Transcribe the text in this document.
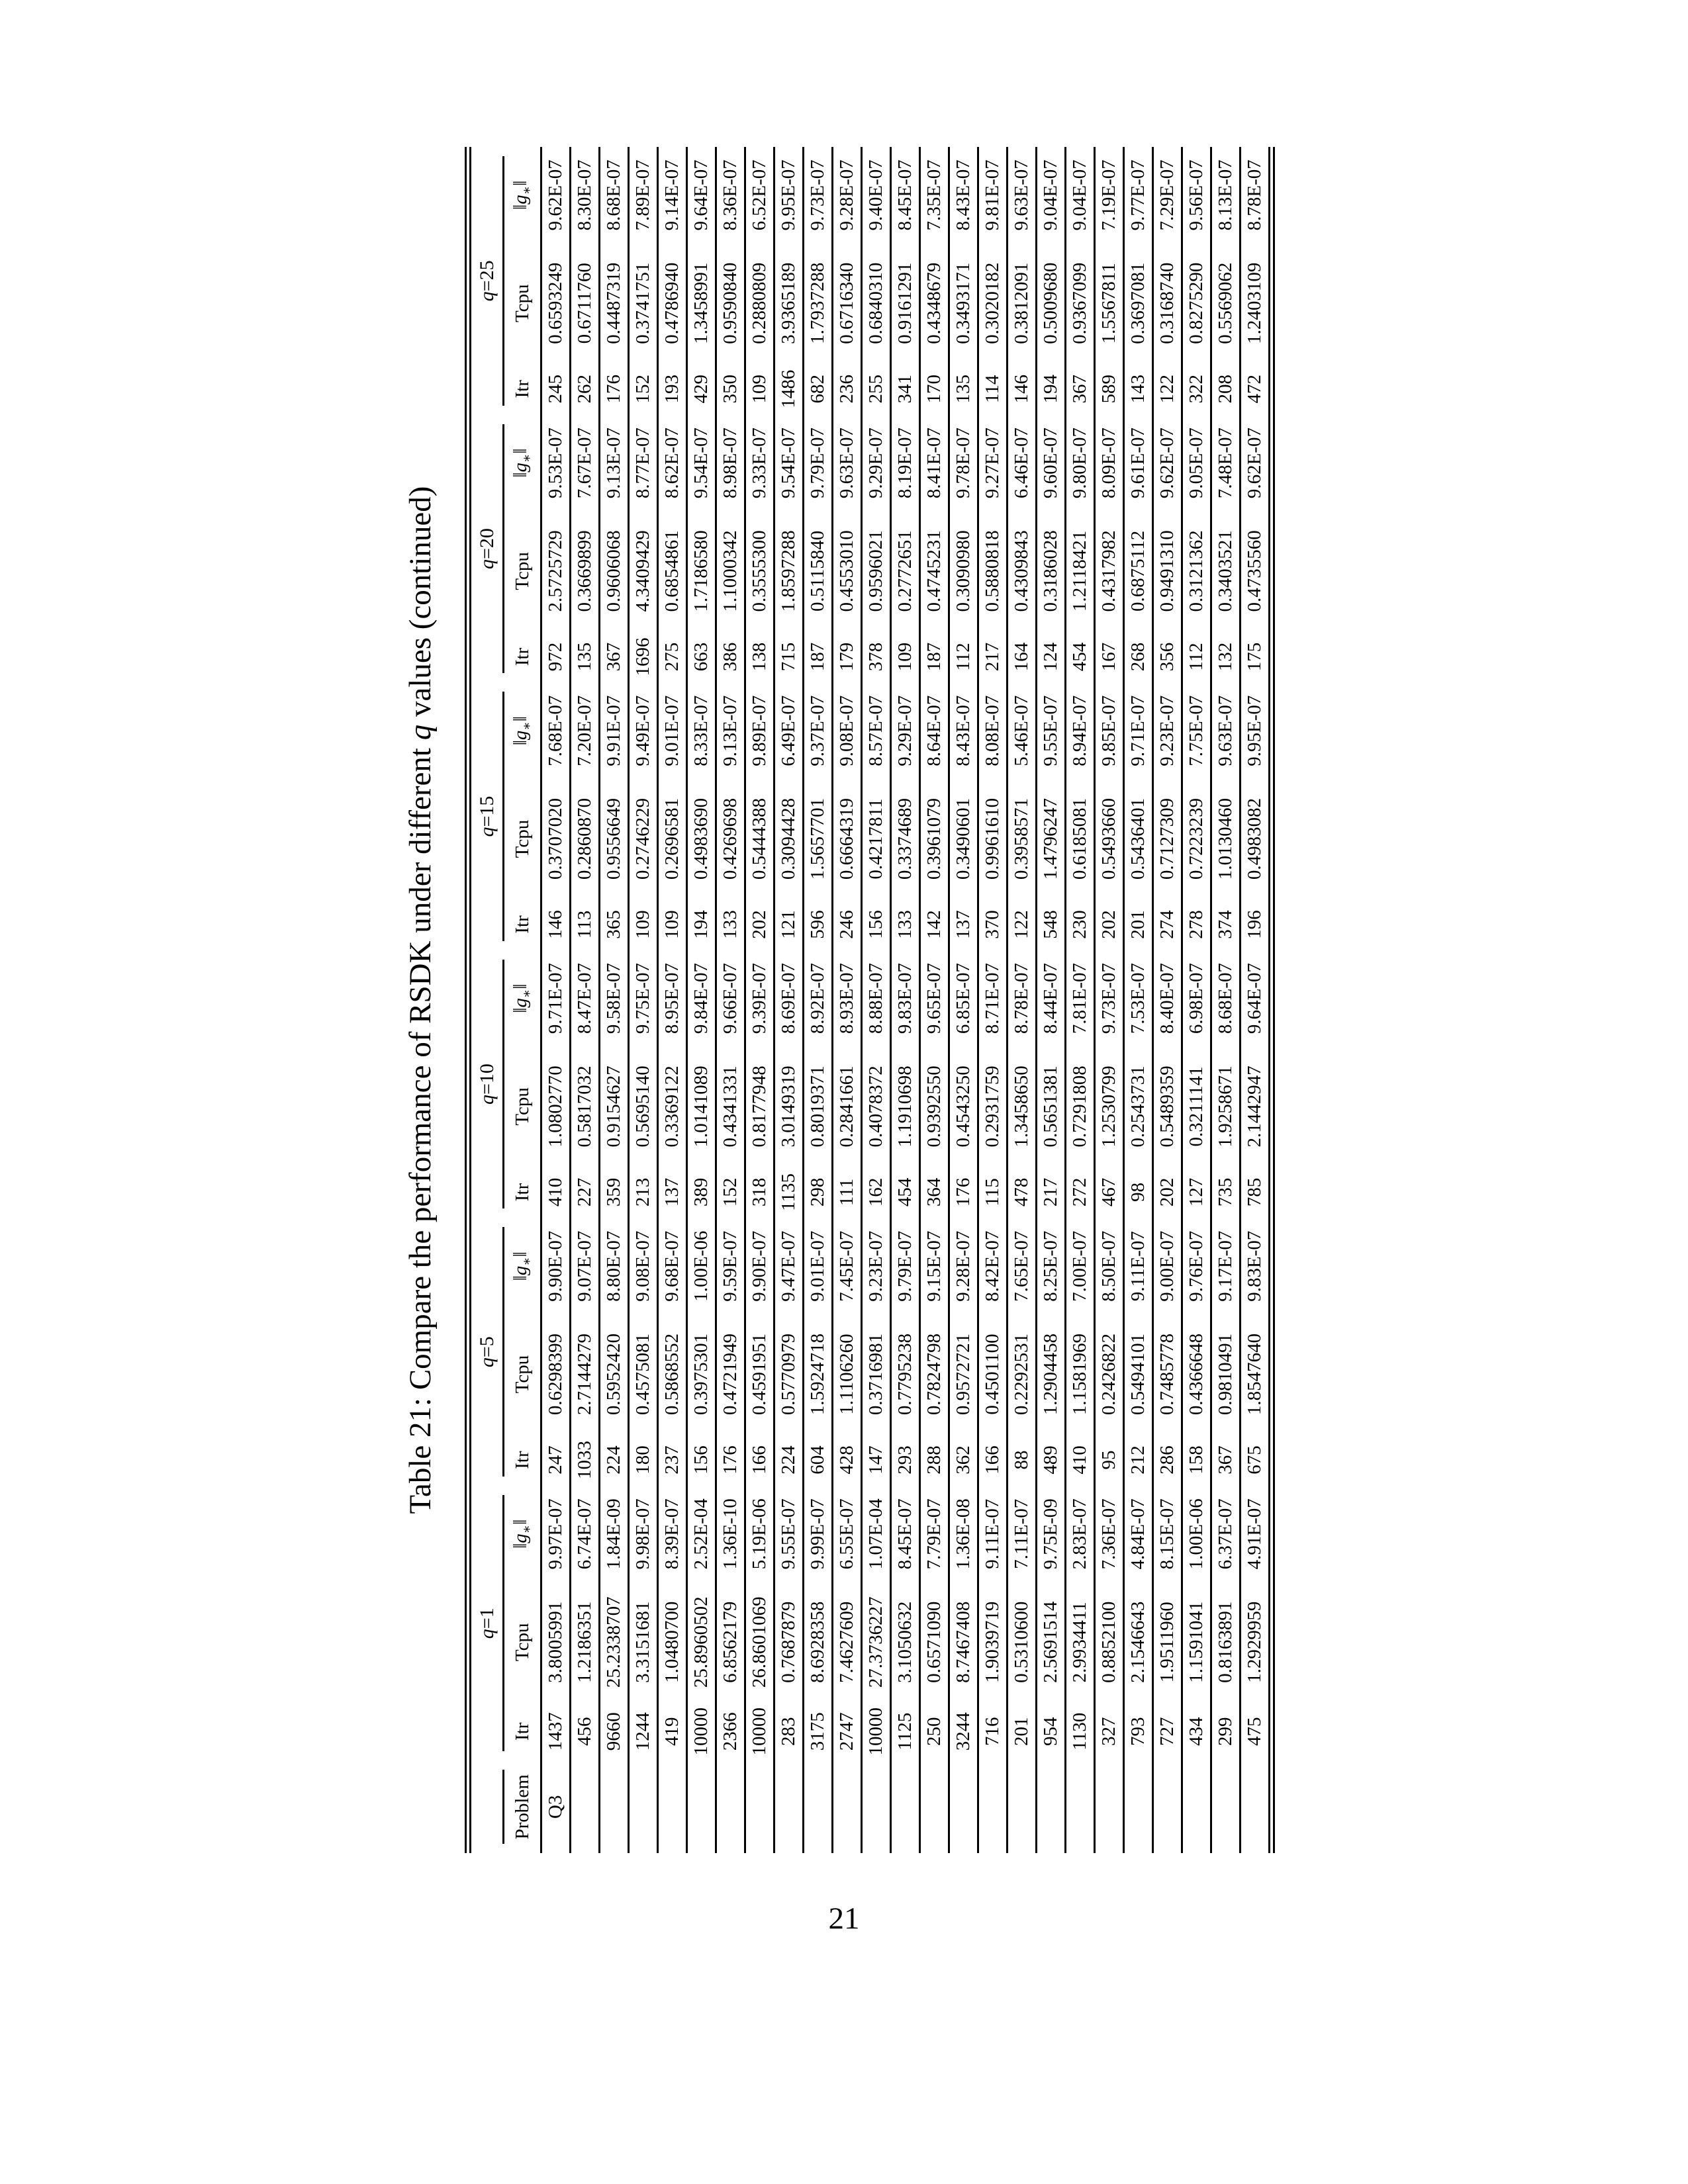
Table 21: Compare the performance of RSDK under different q values (continued)

	q=1			q=5			q=10			q=15			q=20			q=25		

Problem	Itr	Tcpu	$‖g_∗‖$	Itr	Tcpu	$‖g_∗‖$	Itr	Tcpu	$‖g_∗‖$	Itr	Tcpu	$‖g_∗‖$	Itr	Tcpu	$‖g_∗‖$	Itr	Tcpu	$‖g_∗‖$
Q3	1437	3.8005991	9.97E-07	247	0.6298399	9.90E-07	410	1.0802770	9.71E-07	146	0.3707020	7.68E-07	972	2.5725729	9.53E-07	245	0.6593249	9.62E-07
	456	1.2186351	6.74E-07	1033	2.7144279	9.07E-07	227	0.5817032	8.47E-07	113	0.2860870	7.20E-07	135	0.3669899	7.67E-07	262	0.6711760	8.30E-07
	9660	25.2338707	1.84E-09	224	0.5952420	8.80E-07	359	0.9154627	9.58E-07	365	0.9556649	9.91E-07	367	0.9606068	9.13E-07	176	0.4487319	8.68E-07
	1244	3.3151681	9.98E-07	180	0.4575081	9.08E-07	213	0.5695140	9.75E-07	109	0.2746229	9.49E-07	1696	4.3409429	8.77E-07	152	0.3741751	7.89E-07
	419	1.0480700	8.39E-07	237	0.5868552	9.68E-07	137	0.3369122	8.95E-07	109	0.2696581	9.01E-07	275	0.6854861	8.62E-07	193	0.4786940	9.14E-07
	10000	25.8960502	2.52E-04	156	0.3975301	1.00E-06	389	1.0141089	9.84E-07	194	0.4983690	8.33E-07	663	1.7186580	9.54E-07	429	1.3458991	9.64E-07
	2366	6.8562179	1.36E-10	176	0.4721949	9.59E-07	152	0.4341331	9.66E-07	133	0.4269698	9.13E-07	386	1.1000342	8.98E-07	350	0.9590840	8.36E-07
	10000	26.8601069	5.19E-06	166	0.4591951	9.90E-07	318	0.8177948	9.39E-07	202	0.5444388	9.89E-07	138	0.3555300	9.33E-07	109	0.2880809	6.52E-07
	283	0.7687879	9.55E-07	224	0.5770979	9.47E-07	1135	3.0149319	8.69E-07	121	0.3094428	6.49E-07	715	1.8597288	9.54E-07	1486	3.9365189	9.95E-07
	3175	8.6928358	9.99E-07	604	1.5924718	9.01E-07	298	0.8019371	8.92E-07	596	1.5657701	9.37E-07	187	0.5115840	9.79E-07	682	1.7937288	9.73E-07
	2747	7.4627609	6.55E-07	428	1.1106260	7.45E-07	111	0.2841661	8.93E-07	246	0.6664319	9.08E-07	179	0.4553010	9.63E-07	236	0.6716340	9.28E-07
	10000	27.3736227	1.07E-04	147	0.3716981	9.23E-07	162	0.4078372	8.88E-07	156	0.4217811	8.57E-07	378	0.9596021	9.29E-07	255	0.6840310	9.40E-07
	1125	3.1050632	8.45E-07	293	0.7795238	9.79E-07	454	1.1910698	9.83E-07	133	0.3374689	9.29E-07	109	0.2772651	8.19E-07	341	0.9161291	8.45E-07
	250	0.6571090	7.79E-07	288	0.7824798	9.15E-07	364	0.9392550	9.65E-07	142	0.3961079	8.64E-07	187	0.4745231	8.41E-07	170	0.4348679	7.35E-07
	3244	8.7467408	1.36E-08	362	0.9572721	9.28E-07	176	0.4543250	6.85E-07	137	0.3490601	8.43E-07	112	0.3090980	9.78E-07	135	0.3493171	8.43E-07
	716	1.9039719	9.11E-07	166	0.4501100	8.42E-07	115	0.2931759	8.71E-07	370	0.9961610	8.08E-07	217	0.5880818	9.27E-07	114	0.3020182	9.81E-07
	201	0.5310600	7.11E-07	88	0.2292531	7.65E-07	478	1.3458650	8.78E-07	122	0.3958571	5.46E-07	164	0.4309843	6.46E-07	146	0.3812091	9.63E-07
	954	2.5691514	9.75E-09	489	1.2904458	8.25E-07	217	0.5651381	8.44E-07	548	1.4796247	9.55E-07	124	0.3186028	9.60E-07	194	0.5009680	9.04E-07
	1130	2.9934411	2.83E-07	410	1.1581969	7.00E-07	272	0.7291808	7.81E-07	230	0.6185081	8.94E-07	454	1.2118421	9.80E-07	367	0.9367099	9.04E-07
	327	0.8852100	7.36E-07	95	0.2426822	8.50E-07	467	1.2530799	9.73E-07	202	0.5493660	9.85E-07	167	0.4317982	8.09E-07	589	1.5567811	7.19E-07
	793	2.1546643	4.84E-07	212	0.5494101	9.11E-07	98	0.2543731	7.53E-07	201	0.5436401	9.71E-07	268	0.6875112	9.61E-07	143	0.3697081	9.77E-07
	727	1.9511960	8.15E-07	286	0.7485778	9.00E-07	202	0.5489359	8.40E-07	274	0.7127309	9.23E-07	356	0.9491310	9.62E-07	122	0.3168740	7.29E-07
	434	1.1591041	1.00E-06	158	0.4366648	9.76E-07	127	0.3211141	6.98E-07	278	0.7223239	7.75E-07	112	0.3121362	9.05E-07	322	0.8275290	9.56E-07
	299	0.8163891	6.37E-07	367	0.9810491	9.17E-07	735	1.9258671	8.68E-07	374	1.0130460	9.63E-07	132	0.3403521	7.48E-07	208	0.5569062	8.13E-07
	475	1.2929959	4.91E-07	675	1.8547640	9.83E-07	785	2.1442947	9.64E-07	196	0.4983082	9.95E-07	175	0.4735560	9.62E-07	472	1.2403109	8.78E-07
21
